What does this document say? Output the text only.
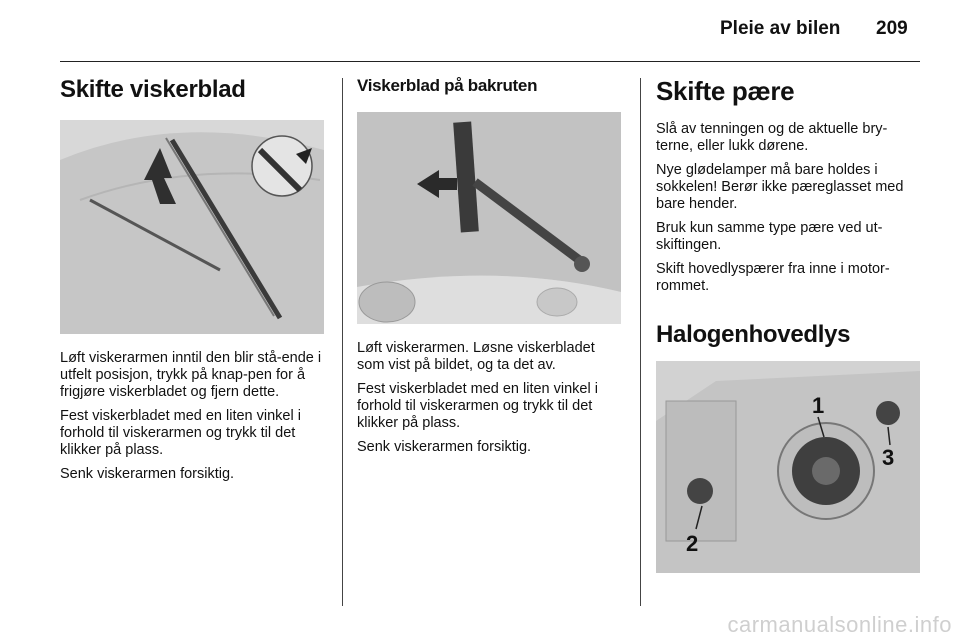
Pleie av bilen 209
Skifte viskerblad

Løft viskerarmen inntil den blir stå-ende i utfelt posisjon, trykk på knap-pen for å frigjøre viskerbladet og fjern dette.

Fest viskerbladet med en liten vinkel i forhold til viskerarmen og trykk til det klikker på plass.

Senk viskerarmen forsiktig.

Viskerblad på bakruten

Løft viskerarmen. Løsne viskerbladet som vist på bildet, og ta det av.

Fest viskerbladet med en liten vinkel i forhold til viskerarmen og trykk til det klikker på plass.

Senk viskerarmen forsiktig.

Skifte pære

Slå av tenningen og de aktuelle bry-terne, eller lukk dørene.

Nye glødelamper må bare holdes i sokkelen! Berør ikke pæreglasset med bare hender.

Bruk kun samme type pære ved ut-skiftingen.

Skift hovedlyspærer fra inne i motor-rommet.

Halogenhovedlys
1
2
3
carmanualsonline.info
